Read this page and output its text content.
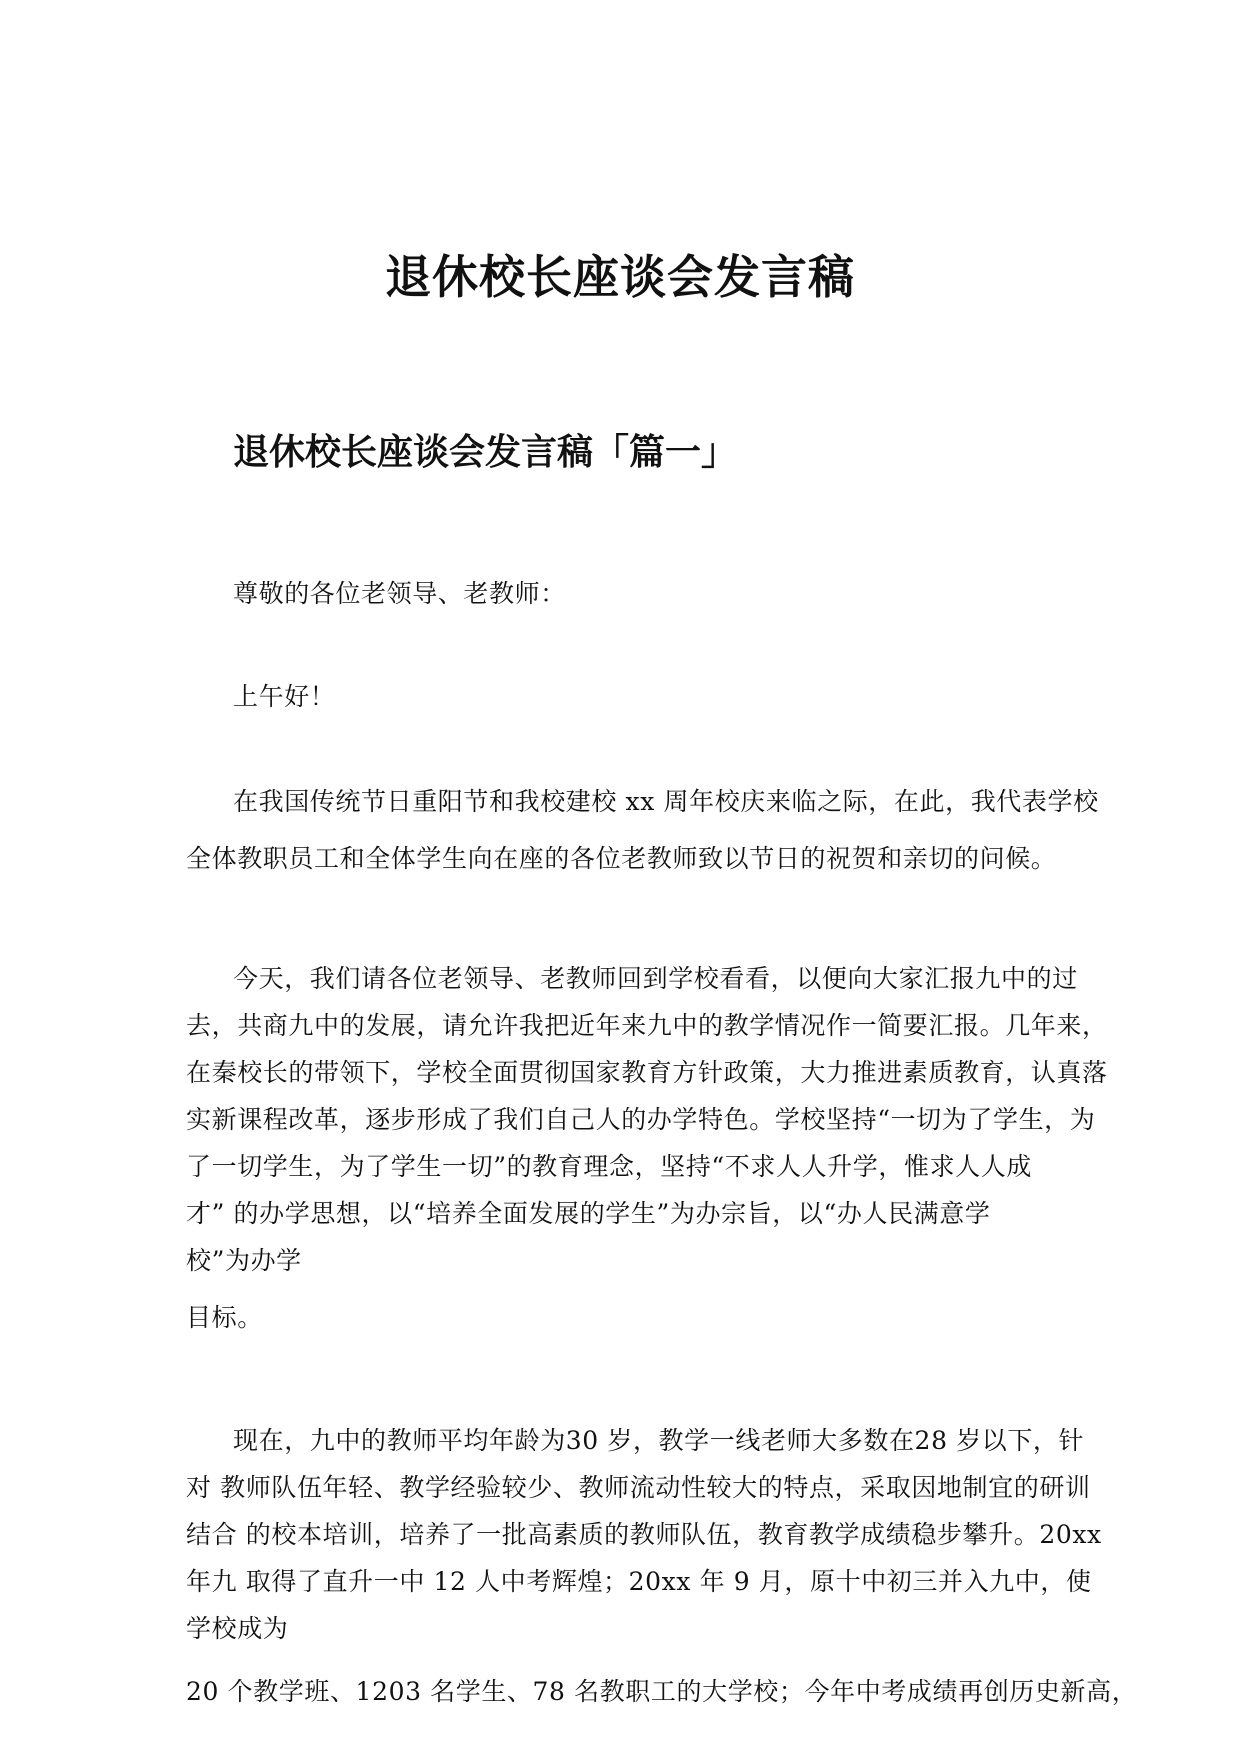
退休校长座谈会发言稿
退休校长座谈会发言稿「篇一」
尊敬的各位老领导、老教师：
上午好！
在我国传统节日重阳节和我校建校 xx 周年校庆来临之际，在此，我代表学校
全体教职员工和全体学生向在座的各位老教师致以节日的祝贺和亲切的问候。
今天，我们请各位老领导、老教师回到学校看看，以便向大家汇报九中的过
去，共商九中的发展，请允许我把近年来九中的教学情况作一简要汇报。几年来，
在秦校长的带领下，学校全面贯彻国家教育方针政策，大力推进素质教育，认真落
实新课程改革，逐步形成了我们自己人的办学特色。学校坚持“一切为了学生，为
了一切学生，为了学生一切”的教育理念，坚持“不求人人升学，惟求人人成
才” 的办学思想，以“培养全面发展的学生”为办宗旨，以“办人民满意学
校”为办学
目标。
现在，九中的教师平均年龄为30 岁，教学一线老师大多数在28 岁以下，针
对 教师队伍年轻、教学经验较少、教师流动性较大的特点，采取因地制宜的研训
结合 的校本培训，培养了一批高素质的教师队伍，教育教学成绩稳步攀升。20xx
年九 取得了直升一中 12 人中考辉煌；20xx 年 9 月，原十中初三并入九中，使
学校成为
20 个教学班、1203 名学生、78 名教职工的大学校；今年中考成绩再创历史新高，
